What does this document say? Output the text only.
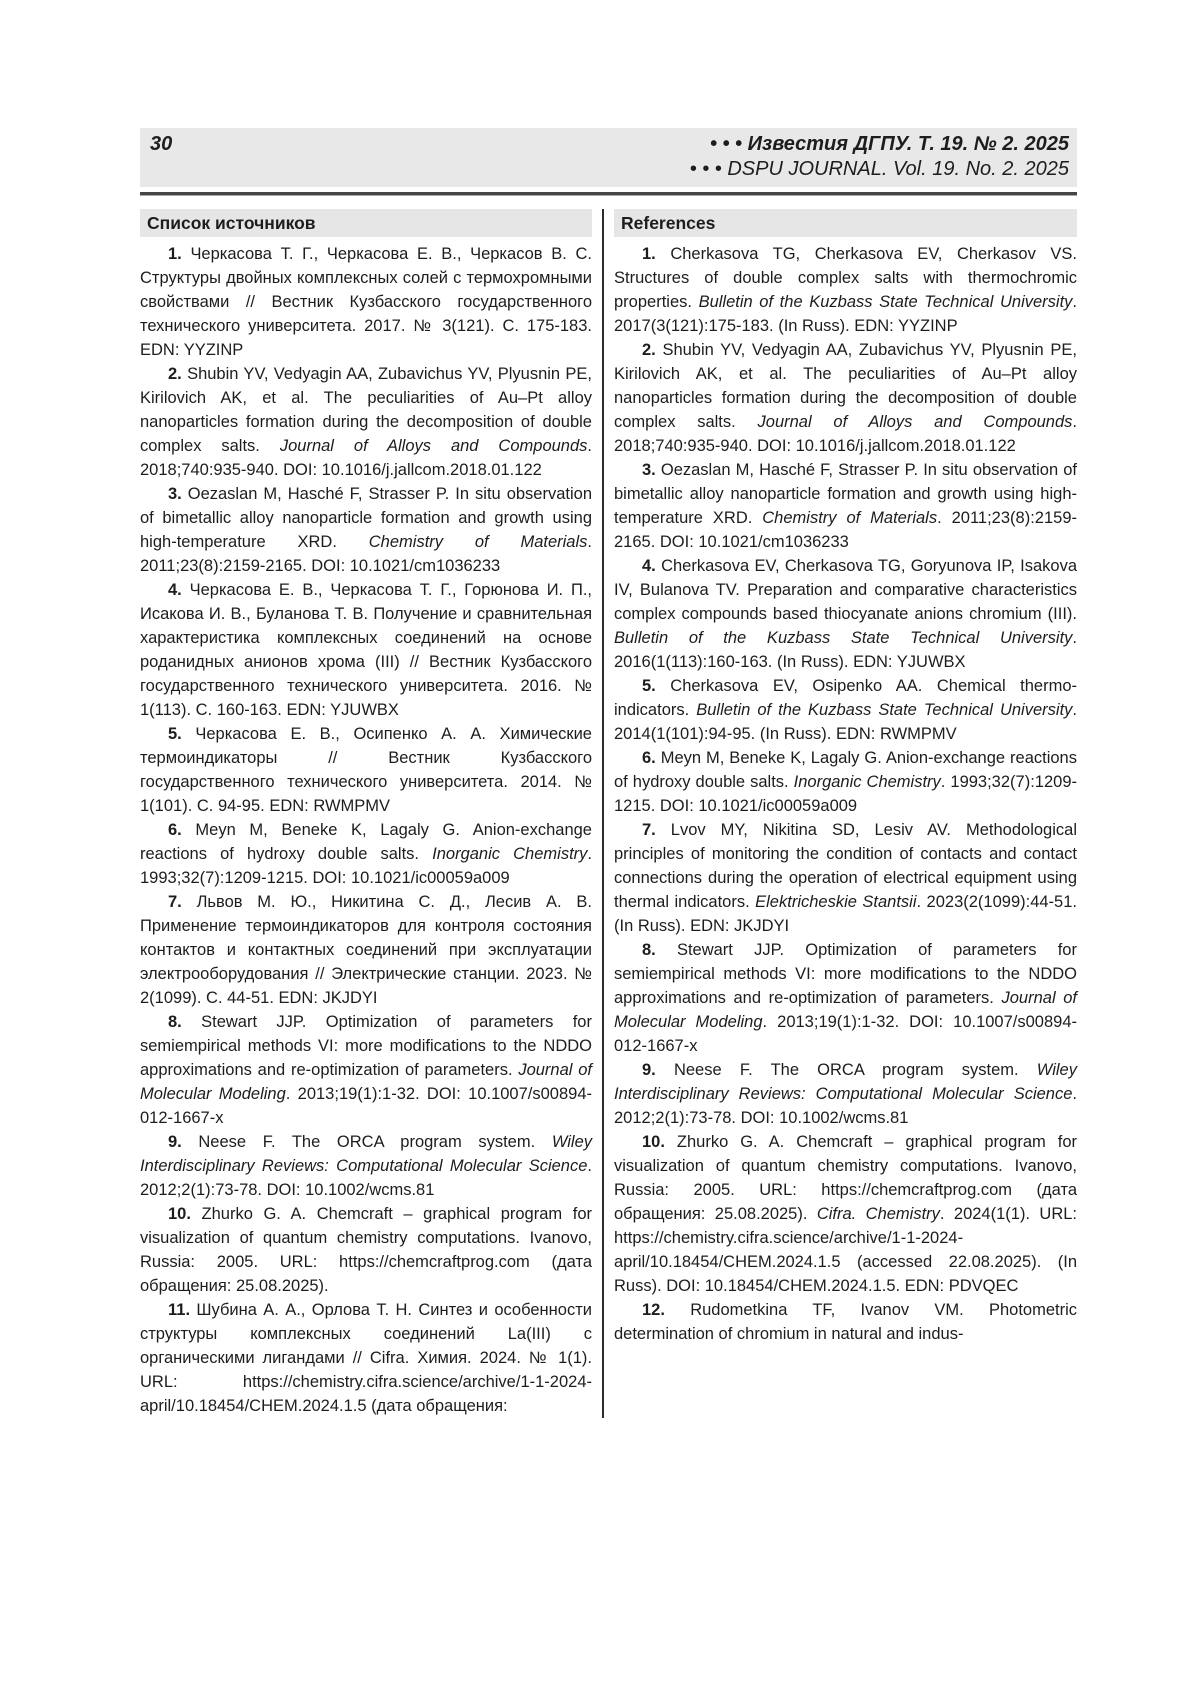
30	• • • Известия ДГПУ. Т. 19. № 2. 2025
• • • DSPU JOURNAL. Vol. 19. No. 2. 2025
Список источников

1. Черкасова Т. Г., Черкасова Е. В., Черкасов В. С. Структуры двойных комплексных солей с термохромными свойствами // Вестник Кузбасского государственного технического университета. 2017. № 3(121). С. 175-183. EDN: YYZINP

2. Shubin YV, Vedyagin AA, Zubavichus YV, Plyusnin PE, Kirilovich AK, et al. The peculiarities of Au–Pt alloy nanoparticles formation during the decomposition of double complex salts. Journal of Alloys and Compounds. 2018;740:935-940. DOI: 10.1016/j.jallcom.2018.01.122

3. Oezaslan M, Hasché F, Strasser P. In situ observation of bimetallic alloy nanoparticle formation and growth using high-temperature XRD. Chemistry of Materials. 2011;23(8):2159-2165. DOI: 10.1021/cm1036233

4. Черкасова Е. В., Черкасова Т. Г., Горюнова И. П., Исакова И. В., Буланова Т. В. Получение и сравнительная характеристика комплексных соединений на основе роданидных анионов хрома (III) // Вестник Кузбасского государственного технического университета. 2016. № 1(113). С. 160-163. EDN: YJUWBX

5. Черкасова Е. В., Осипенко А. А. Химические термоиндикаторы // Вестник Кузбасского государственного технического университета. 2014. № 1(101). С. 94-95. EDN: RWMPMV

6. Meyn M, Beneke K, Lagaly G. Anion-exchange reactions of hydroxy double salts. Inorganic Chemistry. 1993;32(7):1209-1215. DOI: 10.1021/ic00059a009

7. Львов М. Ю., Никитина С. Д., Лесив А. В. Применение термоиндикаторов для контроля состояния контактов и контактных соединений при эксплуатации электрооборудования // Электрические станции. 2023. № 2(1099). С. 44-51. EDN: JKJDYI

8. Stewart JJP. Optimization of parameters for semiempirical methods VI: more modifications to the NDDO approximations and re-optimization of parameters. Journal of Molecular Modeling. 2013;19(1):1-32. DOI: 10.1007/s00894-012-1667-x

9. Neese F. The ORCA program system. Wiley Interdisciplinary Reviews: Computational Molecular Science. 2012;2(1):73-78. DOI: 10.1002/wcms.81

10. Zhurko G. A. Chemcraft – graphical program for visualization of quantum chemistry computations. Ivanovo, Russia: 2005. URL: https://chemcraftprog.com (дата обращения: 25.08.2025).

11. Шубина А. А., Орлова Т. Н. Синтез и особенности структуры комплексных соединений La(III) с органическими лигандами // Cifra. Химия. 2024. № 1(1). URL: https://chemistry.cifra.science/archive/1-1-2024-april/10.18454/CHEM.2024.1.5 (дата обращения:

References

1. Cherkasova TG, Cherkasova EV, Cherkasov VS. Structures of double complex salts with thermochromic properties. Bulletin of the Kuzbass State Technical University. 2017(3(121):175-183. (In Russ). EDN: YYZINP

2. Shubin YV, Vedyagin AA, Zubavichus YV, Plyusnin PE, Kirilovich AK, et al. The peculiarities of Au–Pt alloy nanoparticles formation during the decomposition of double complex salts. Journal of Alloys and Compounds. 2018;740:935-940. DOI: 10.1016/j.jallcom.2018.01.122

3. Oezaslan M, Hasché F, Strasser P. In situ observation of bimetallic alloy nanoparticle formation and growth using high-temperature XRD. Chemistry of Materials. 2011;23(8):2159-2165. DOI: 10.1021/cm1036233

4. Cherkasova EV, Cherkasova TG, Goryunova IP, Isakova IV, Bulanova TV. Preparation and comparative characteristics complex compounds based thiocyanate anions chromium (III). Bulletin of the Kuzbass State Technical University. 2016(1(113):160-163. (In Russ). EDN: YJUWBX

5. Cherkasova EV, Osipenko AA. Chemical thermo-indicators. Bulletin of the Kuzbass State Technical University. 2014(1(101):94-95. (In Russ). EDN: RWMPMV

6. Meyn M, Beneke K, Lagaly G. Anion-exchange reactions of hydroxy double salts. Inorganic Chemistry. 1993;32(7):1209-1215. DOI: 10.1021/ic00059a009

7. Lvov MY, Nikitina SD, Lesiv AV. Methodological principles of monitoring the condition of contacts and contact connections during the operation of electrical equipment using thermal indicators. Elektricheskie Stantsii. 2023(2(1099):44-51. (In Russ). EDN: JKJDYI

8. Stewart JJP. Optimization of parameters for semiempirical methods VI: more modifications to the NDDO approximations and re-optimization of parameters. Journal of Molecular Modeling. 2013;19(1):1-32. DOI: 10.1007/s00894-012-1667-x

9. Neese F. The ORCA program system. Wiley Interdisciplinary Reviews: Computational Molecular Science. 2012;2(1):73-78. DOI: 10.1002/wcms.81

10. Zhurko G. A. Chemcraft – graphical program for visualization of quantum chemistry computations. Ivanovo, Russia: 2005. URL: https://chemcraftprog.com (дата обращения: 25.08.2025). Cifra. Chemistry. 2024(1(1). URL: https://chemistry.cifra.science/archive/1-1-2024-april/10.18454/CHEM.2024.1.5 (accessed 22.08.2025). (In Russ). DOI: 10.18454/CHEM.2024.1.5. EDN: PDVQEC

12. Rudometkina TF, Ivanov VM. Photometric determination of chromium in natural and indus-
